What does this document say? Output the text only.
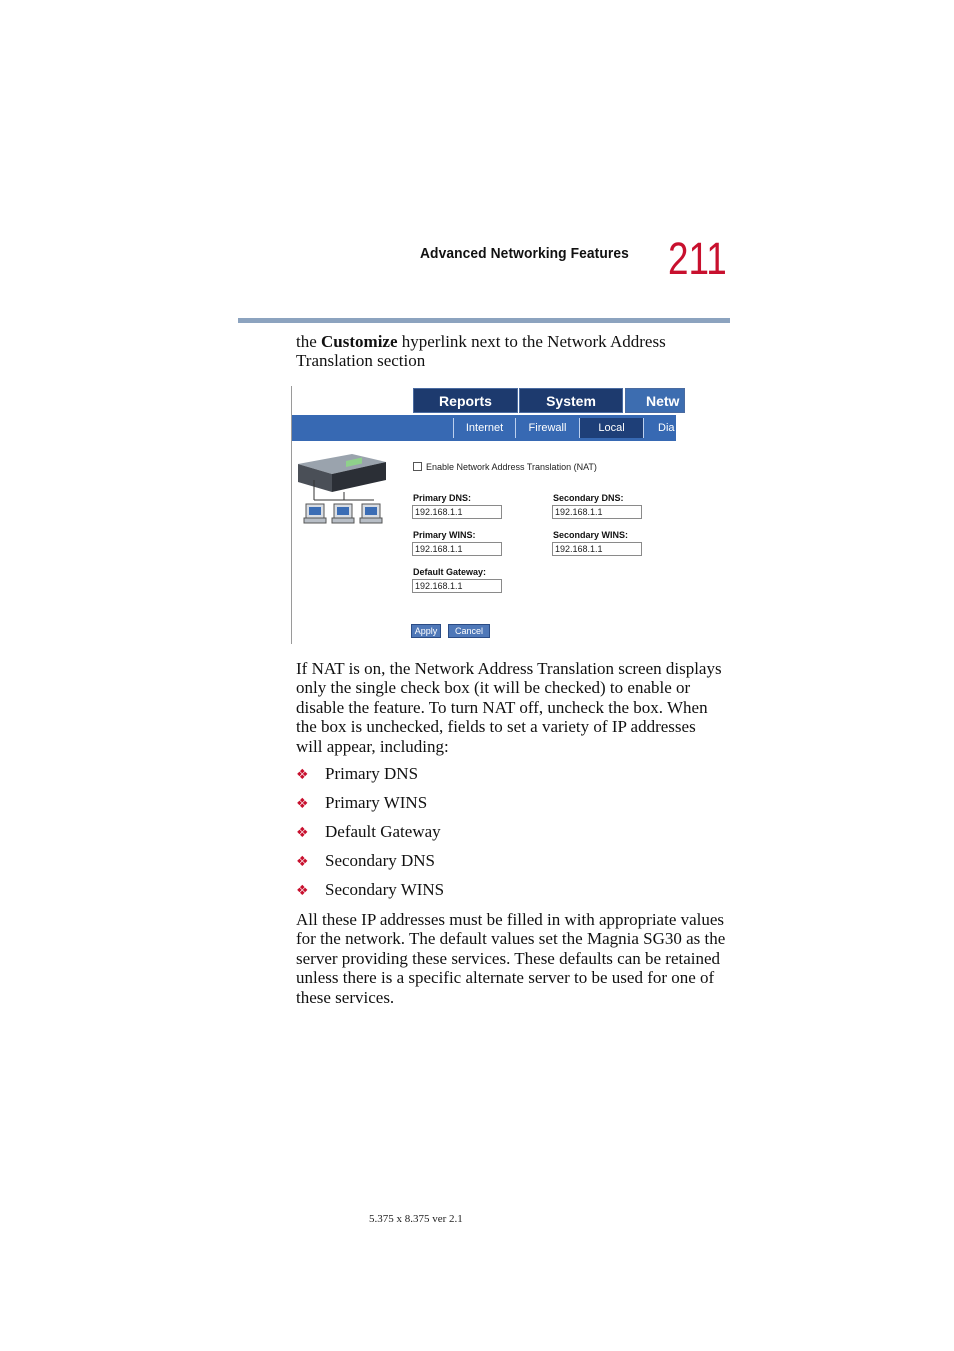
Advanced Networking Features 211

the Customize hyperlink next to the Network Address Translation section

Reports	System	Netw
Internet	Firewall	Local	Dia
Enable Network Address Translation (NAT)
Primary DNS:
192.168.1.1
Secondary DNS:
192.168.1.1
Primary WINS:
192.168.1.1
Secondary WINS:
192.168.1.1
Default Gateway:
192.168.1.1
Apply	Cancel

If NAT is on, the Network Address Translation screen displays only the single check box (it will be checked) to enable or disable the feature. To turn NAT off, uncheck the box. When the box is unchecked, fields to set a variety of IP addresses will appear, including:

❖ Primary DNS
❖ Primary WINS
❖ Default Gateway
❖ Secondary DNS
❖ Secondary WINS

All these IP addresses must be filled in with appropriate values for the network. The default values set the Magnia SG30 as the server providing these services. These defaults can be retained unless there is a specific alternate server to be used for one of these services.

5.375 x 8.375 ver 2.1
